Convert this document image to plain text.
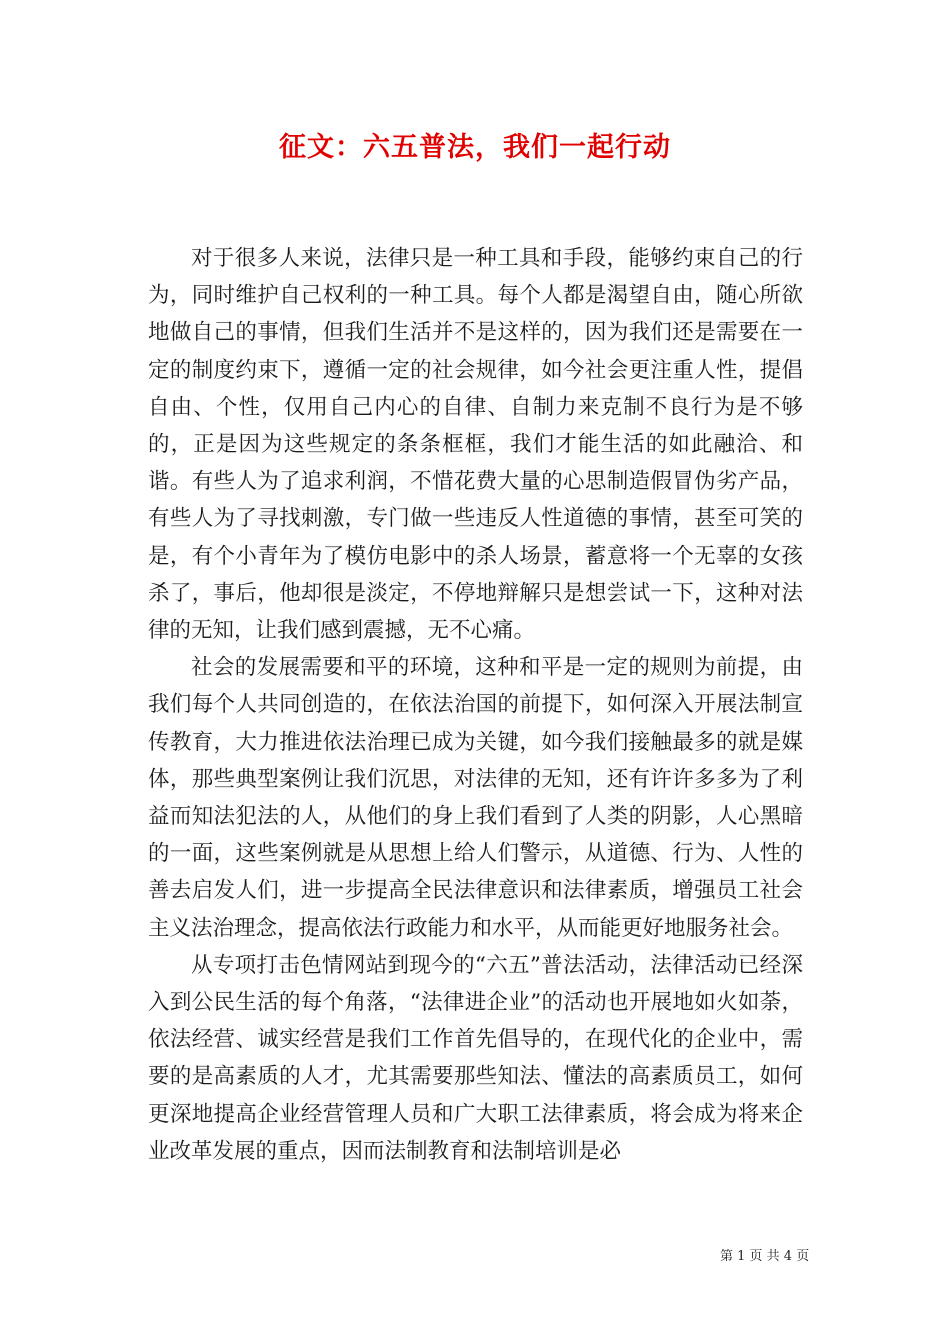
征文：六五普法，我们一起行动

对于很多人来说，法律只是一种工具和手段，能够约束自己的行为，同时维护自己权利的一种工具。每个人都是渴望自由，随心所欲地做自己的事情，但我们生活并不是这样的，因为我们还是需要在一定的制度约束下，遵循一定的社会规律，如今社会更注重人性，提倡自由、个性，仅用自己内心的自律、自制力来克制不良行为是不够的，正是因为这些规定的条条框框，我们才能生活的如此融洽、和谐。有些人为了追求利润，不惜花费大量的心思制造假冒伪劣产品，有些人为了寻找刺激，专门做一些违反人性道德的事情，甚至可笑的是，有个小青年为了模仿电影中的杀人场景，蓄意将一个无辜的女孩杀了，事后，他却很是淡定，不停地辩解只是想尝试一下，这种对法律的无知，让我们感到震撼，无不心痛。

社会的发展需要和平的环境，这种和平是一定的规则为前提，由我们每个人共同创造的，在依法治国的前提下，如何深入开展法制宣传教育，大力推进依法治理已成为关键，如今我们接触最多的就是媒体，那些典型案例让我们沉思，对法律的无知，还有许许多多为了利益而知法犯法的人，从他们的身上我们看到了人类的阴影，人心黑暗的一面，这些案例就是从思想上给人们警示，从道德、行为、人性的善去启发人们，进一步提高全民法律意识和法律素质，增强员工社会主义法治理念，提高依法行政能力和水平，从而能更好地服务社会。

从专项打击色情网站到现今的“六五”普法活动，法律活动已经深入到公民生活的每个角落，“法律进企业”的活动也开展地如火如荼，依法经营、诚实经营是我们工作首先倡导的，在现代化的企业中，需要的是高素质的人才，尤其需要那些知法、懂法的高素质员工，如何更深地提高企业经营管理人员和广大职工法律素质，将会成为将来企业改革发展的重点，因而法制教育和法制培训是必

第 1 页 共 4 页
